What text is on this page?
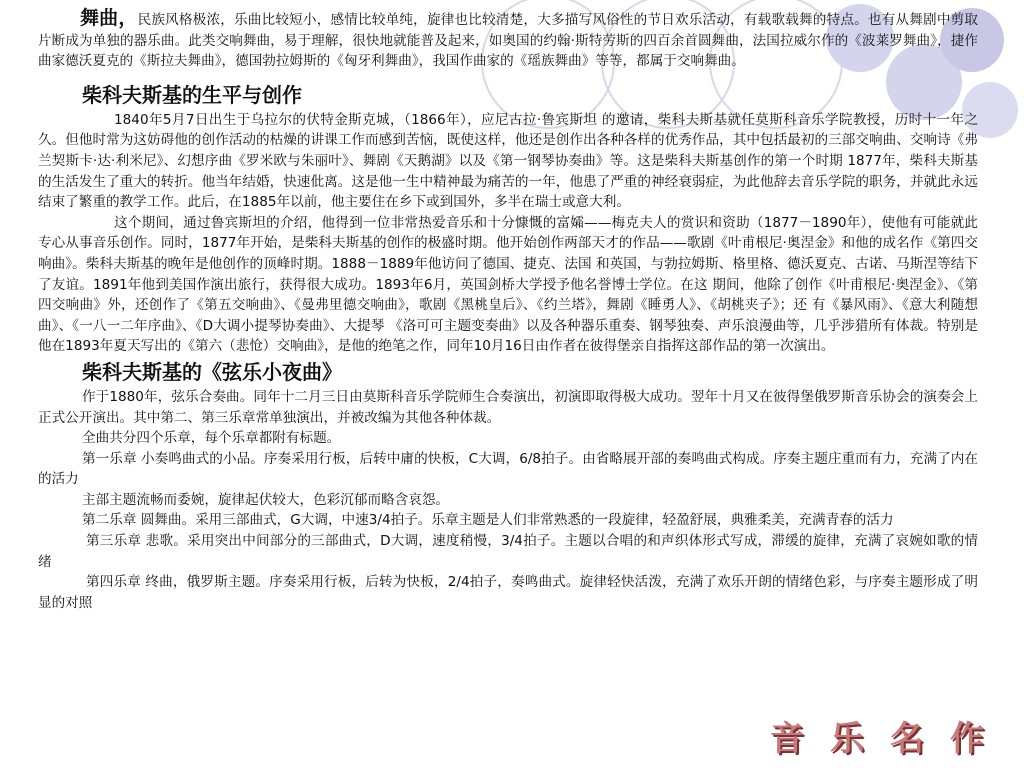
舞曲，民族风格极浓，乐曲比较短小，感情比较单纯，旋律也比较清楚，大多描写风俗性的节日欢乐活动，有载歌载舞的特点。也有从舞剧中剪取片断成为单独的器乐曲。此类交响舞曲，易于理解，很快地就能普及起来，如奥国的约翰·斯特劳斯的四百余首圆舞曲，法国拉威尔作的《波莱罗舞曲》，捷作曲家德沃夏克的《斯拉夫舞曲》，德国勃拉姆斯的《匈牙利舞曲》，我国作曲家的《瑶族舞曲》等等，都属于交响舞曲。

柴科夫斯基的生平与创作

1840年5月7日出生于乌拉尔的伏特金斯克城，（1866年），应尼古拉·鲁宾斯坦 的邀请，柴科夫斯基就任莫斯科音乐学院教授，历时十一年之久。但他时常为这妨碍他的创作活动的枯燥的讲课工作而感到苦恼，既使这样，他还是创作出各种各样的优秀作品，其中包括最初的三部交响曲、交响诗《弗兰契斯卡·达·利米尼》、幻想序曲《罗米欧与朱丽叶》、舞剧《天鹅湖》以及《第一钢琴协奏曲》等。这是柴科夫斯基创作的第一个时期 1877年，柴科夫斯基的生活发生了重大的转折。他当年结婚，快速仳离。这是他一生中精神最为痛苦的一年，他患了严重的神经衰弱症，为此他辞去音乐学院的职务，并就此永远结束了繁重的教学工作。此后，在1885年以前，他主要住在乡下或到国外，多半在瑞士或意大利。

这个期间，通过鲁宾斯坦的介绍，他得到一位非常热爱音乐和十分慷慨的富孀——梅克夫人的赏识和资助（1877－1890年），使他有可能就此专心从事音乐创作。同时，1877年开始，是柴科夫斯基的创作的极盛时期。他开始创作两部天才的作品——歌剧《叶甫根尼·奥涅金》和他的成名作《第四交响曲》。柴科夫斯基的晚年是他创作的顶峰时期。1888－1889年他访问了德国、捷克、法国 和英国，与勃拉姆斯、格里格、德沃夏克、古诺、马斯涅等结下了友谊。1891年他到美国作演出旅行，获得很大成功。1893年6月，英国剑桥大学授予他名誉博士学位。在这 期间，他除了创作《叶甫根尼·奥涅金》、《第四交响曲》外，还创作了《第五交响曲》、《曼弗里德交响曲》，歌剧《黑桃皇后》、《约兰塔》，舞剧《睡勇人》、《胡桃夹子》；还 有《暴风雨》、《意大利随想曲》、《一八一二年序曲》、《D大调小提琴协奏曲》、大提琴 《洛可可主题变奏曲》以及各种器乐重奏、钢琴独奏、声乐浪漫曲等，几乎涉猎所有体裁。特别是他在1893年夏天写出的《第六（悲怆）交响曲》，是他的绝笔之作，同年10月16日由作者在彼得堡亲自指挥这部作品的第一次演出。

柴科夫斯基的《弦乐小夜曲》

作于1880年，弦乐合奏曲。同年十二月三日由莫斯科音乐学院师生合奏演出，初演即取得极大成功。翌年十月又在彼得堡俄罗斯音乐协会的演奏会上正式公开演出。其中第二、第三乐章常单独演出，并被改编为其他各种体裁。

全曲共分四个乐章，每个乐章都附有标题。

第一乐章 小奏鸣曲式的小品。序奏采用行板，后转中庸的快板，C大调，6/8拍子。由省略展开部的奏鸣曲式构成。序奏主题庄重而有力，充满了内在的活力

主部主题流畅而委婉，旋律起伏较大，色彩沉郁而略含哀怨。

第二乐章 圆舞曲。采用三部曲式，G大调，中速3/4拍子。乐章主题是人们非常熟悉的一段旋律，轻盈舒展，典雅柔美，充满青春的活力

第三乐章 悲歌。采用突出中间部分的三部曲式，D大调，速度稍慢，3/4拍子。主题以合唱的和声织体形式写成，滞缓的旋律，充满了哀婉如歌的情绪

第四乐章 终曲，俄罗斯主题。序奏采用行板，后转为快板，2/4拍子，奏鸣曲式。旋律轻快活泼，充满了欢乐开朗的情绪色彩，与序奏主题形成了明显的对照

音乐名作
